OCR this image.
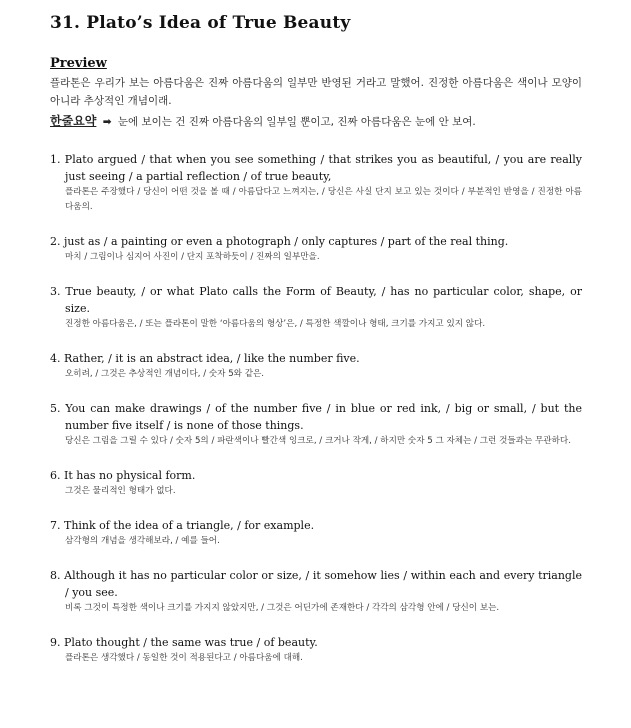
31. Plato’s Idea of True Beauty
Preview
플라톤은 우리가 보는 아름다움은 진짜 아름다움의 일부만 반영된 거라고 말했어. 진정한 아름다움은 색이나 모양이 아니라 추상적인 개념이래.
한줄요약 ➡ 눈에 보이는 건 진짜 아름다움의 일부일 뿐이고, 진짜 아름다움은 눈에 안 보여.
1. Plato argued / that when you see something / that strikes you as beautiful, / you are really just seeing / a partial reflection / of true beauty,
플라톤은 주장했다 / 당신이 어떤 것을 볼 때 / 아름답다고 느껴지는, / 당신은 사실 단지 보고 있는 것이다 / 부분적인 반영을 / 진정한 아름다움의.
2. just as / a painting or even a photograph / only captures / part of the real thing.
마치 / 그림이나 심지어 사진이 / 단지 포착하듯이 / 진짜의 일부만을.
3. True beauty, / or what Plato calls the Form of Beauty, / has no particular color, shape, or size.
진정한 아름다움은, / 또는 플라톤이 말한 ‘아름다움의 형상’은, / 특정한 색깔이나 형태, 크기를 가지고 있지 않다.
4. Rather, / it is an abstract idea, / like the number five.
오히려, / 그것은 추상적인 개념이다, / 숫자 5와 같은.
5. You can make drawings / of the number five / in blue or red ink, / big or small, / but the number five itself / is none of those things.
당신은 그림을 그릴 수 있다 / 숫자 5의 / 파란색이나 빨간색 잉크로, / 크거나 작게, / 하지만 숫자 5 그 자체는 / 그런 것들과는 무관하다.
6. It has no physical form.
그것은 물리적인 형태가 없다.
7. Think of the idea of a triangle, / for example.
삼각형의 개념을 생각해보라, / 예를 들어.
8. Although it has no particular color or size, / it somehow lies / within each and every triangle / you see.
비록 그것이 특정한 색이나 크기를 가지지 않았지만, / 그것은 어딘가에 존재한다 / 각각의 삼각형 안에 / 당신이 보는.
9. Plato thought / the same was true / of beauty.
플라톤은 생각했다 / 동일한 것이 적용된다고 / 아름다움에 대해.
